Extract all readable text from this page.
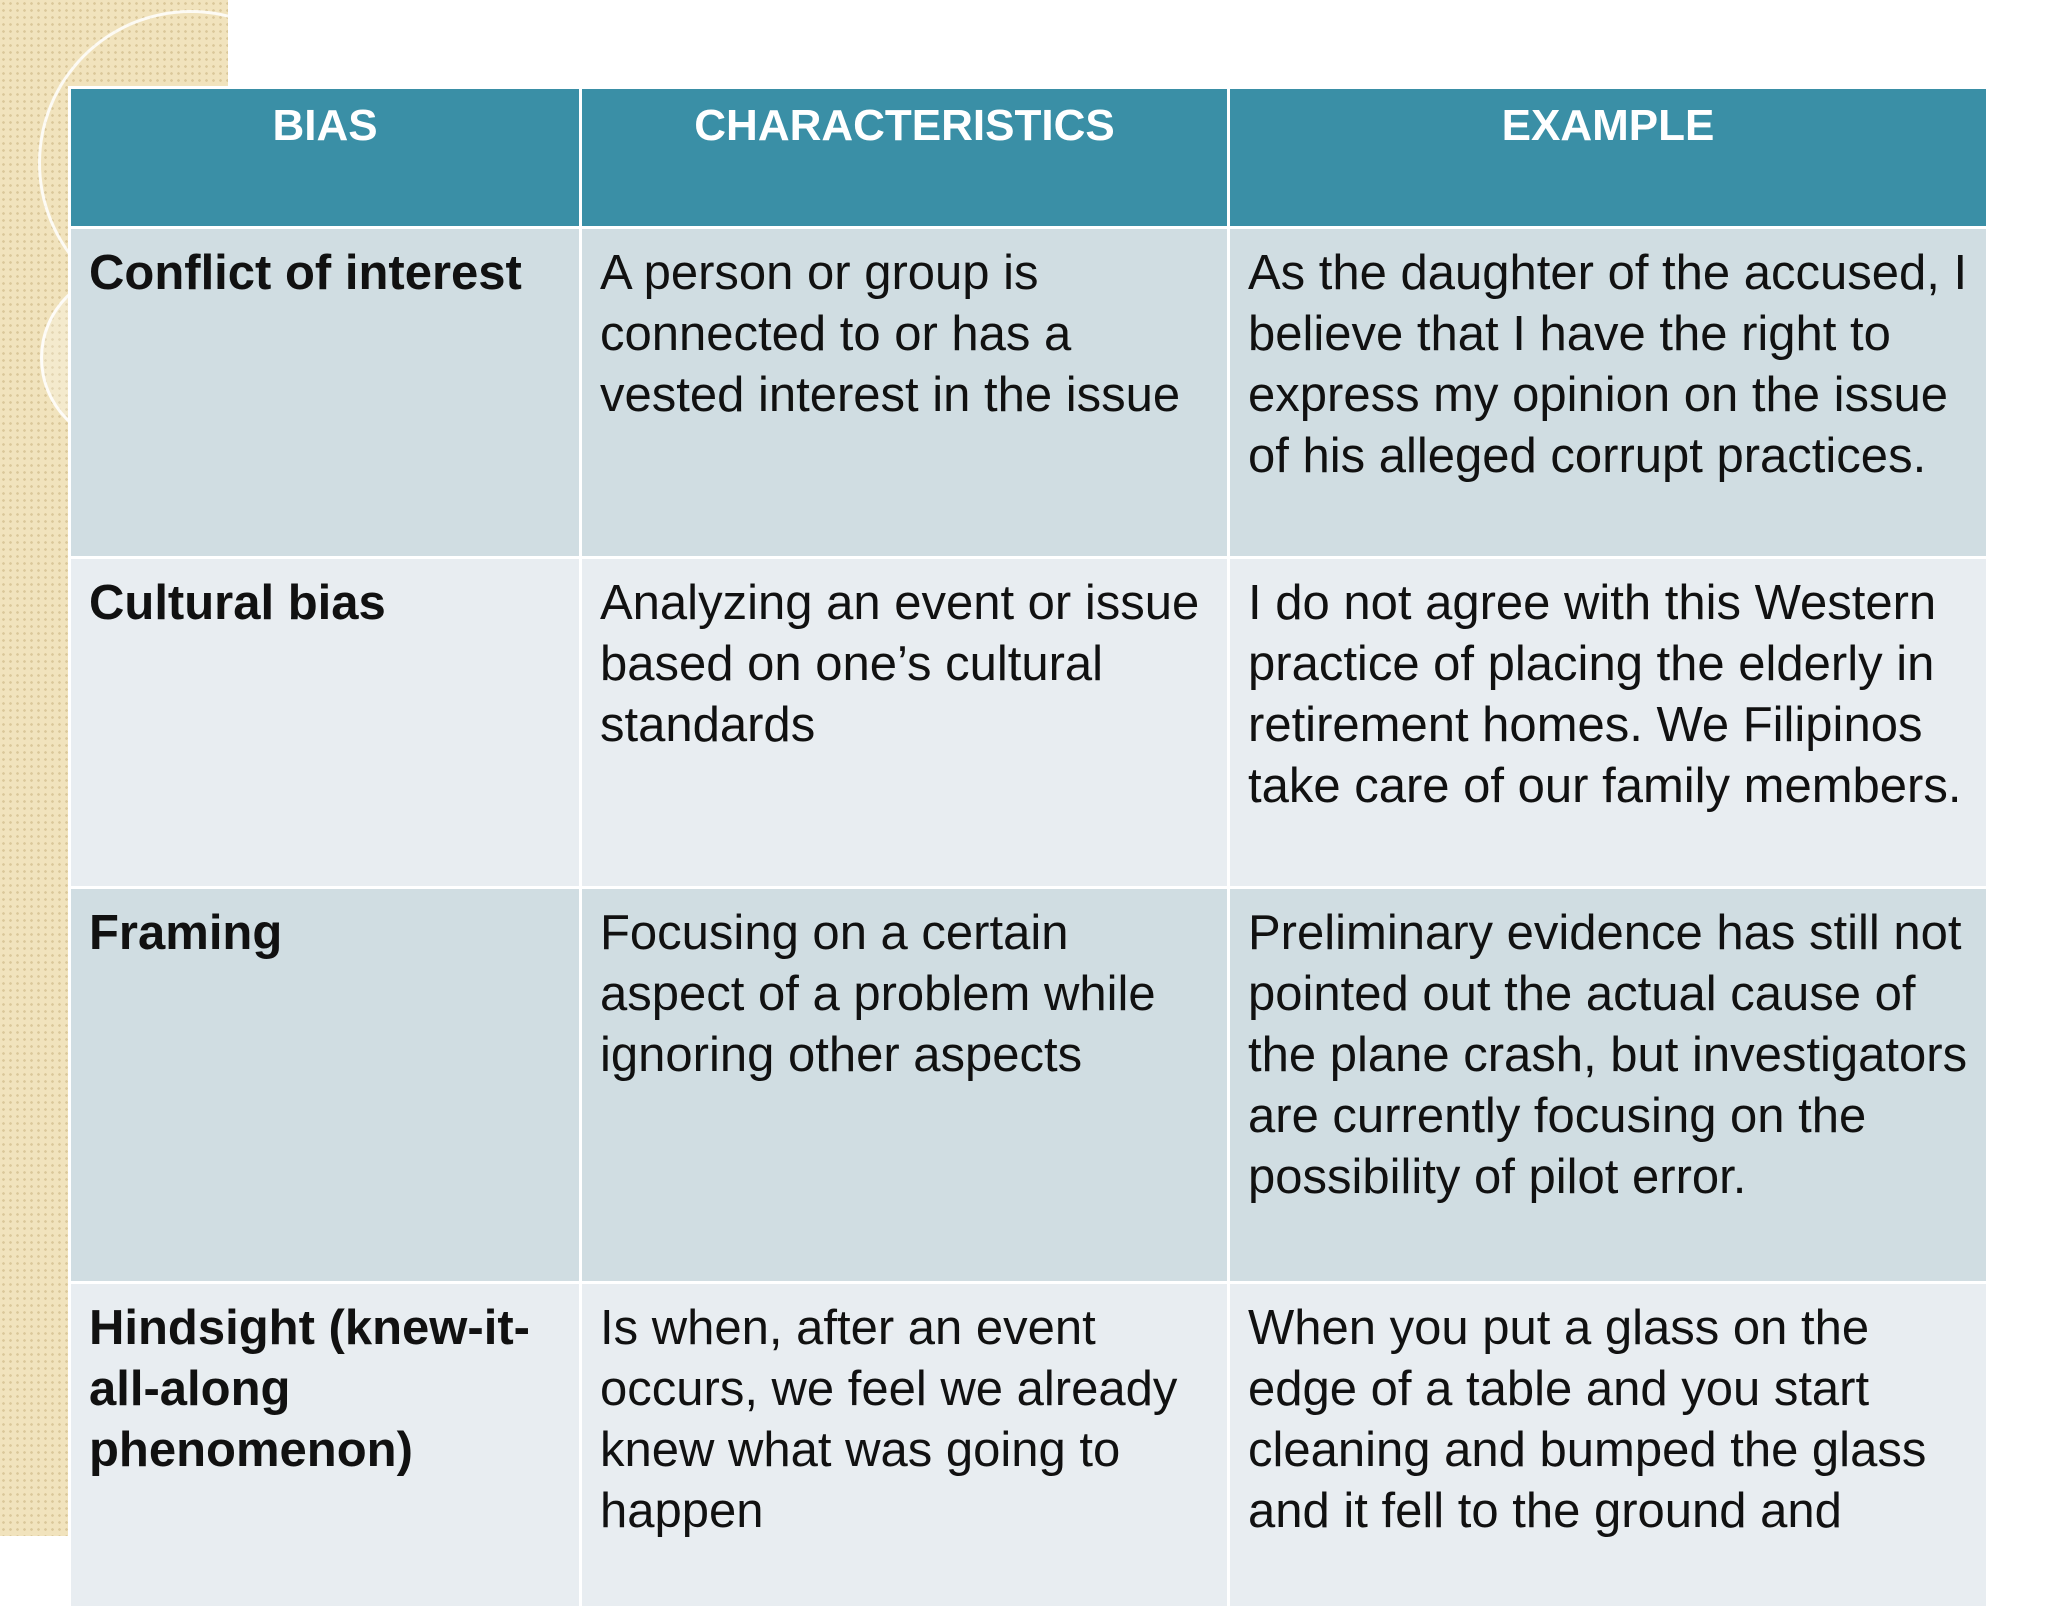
BIAS	CHARACTERISTICS	EXAMPLE
Conflict of interest	A person or group is connected to or has a vested interest in the issue	As the daughter of the accused, I believe that I have the right to express my opinion on the issue of his alleged corrupt practices.
Cultural bias	Analyzing an event or issue based on one’s cultural standards	I do not agree with this Western practice of placing the elderly in retirement homes. We Filipinos take care of our family members.
Framing	Focusing on a certain aspect of a problem while ignoring other aspects	Preliminary evidence has still not pointed out the actual cause of the plane crash, but investigators are currently focusing on the possibility of pilot error.
Hindsight (knew-it-all-along phenomenon)	Is when, after an event occurs, we feel we already knew what was going to happen	When you put a glass on the edge of a table and you start cleaning and bumped the glass and it fell to the ground and
